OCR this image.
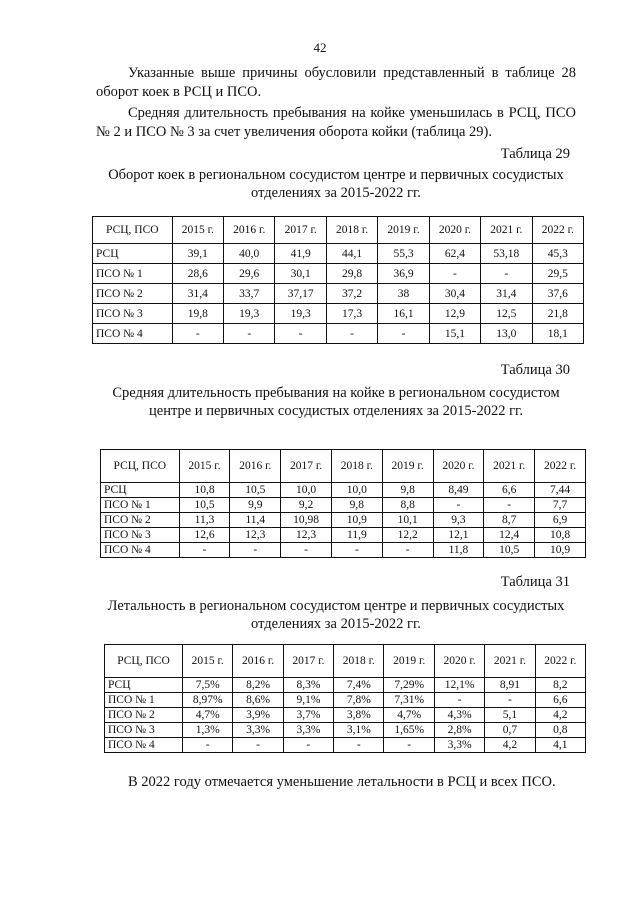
42
Указанные выше причины обусловили представленный в таблице 28 оборот коек в РСЦ и ПСО.
Средняя длительность пребывания на койке уменьшилась в РСЦ, ПСО № 2 и ПСО № 3 за счет увеличения оборота койки (таблица 29).
Таблица 29
Оборот коек в региональном сосудистом центре и первичных сосудистых отделениях за 2015-2022 гг.
РСЦ, ПСО	2015 г.	2016 г.	2017 г.	2018 г.	2019 г.	2020 г.	2021 г.	2022 г.
РСЦ	39,1	40,0	41,9	44,1	55,3	62,4	53,18	45,3
ПСО № 1	28,6	29,6	30,1	29,8	36,9	-	-	29,5
ПСО № 2	31,4	33,7	37,17	37,2	38	30,4	31,4	37,6
ПСО № 3	19,8	19,3	19,3	17,3	16,1	12,9	12,5	21,8
ПСО № 4	-	-	-	-	-	15,1	13,0	18,1
Таблица 30
Средняя длительность пребывания на койке в региональном сосудистом центре и первичных сосудистых отделениях за 2015-2022 гг.
РСЦ, ПСО	2015 г.	2016 г.	2017 г.	2018 г.	2019 г.	2020 г.	2021 г.	2022 г.
РСЦ	10,8	10,5	10,0	10,0	9,8	8,49	6,6	7,44
ПСО № 1	10,5	9,9	9,2	9,8	8,8	-	-	7,7
ПСО № 2	11,3	11,4	10,98	10,9	10,1	9,3	8,7	6,9
ПСО № 3	12,6	12,3	12,3	11,9	12,2	12,1	12,4	10,8
ПСО № 4	-	-	-	-	-	11,8	10,5	10,9
Таблица 31
Летальность в региональном сосудистом центре и первичных сосудистых отделениях за 2015-2022 гг.
РСЦ, ПСО	2015 г.	2016 г.	2017 г.	2018 г.	2019 г.	2020 г.	2021 г.	2022 г.
РСЦ	7,5%	8,2%	8,3%	7,4%	7,29%	12,1%	8,91	8,2
ПСО № 1	8,97%	8,6%	9,1%	7,8%	7,31%	-	-	6,6
ПСО № 2	4,7%	3,9%	3,7%	3,8%	4,7%	4,3%	5,1	4,2
ПСО № 3	1,3%	3,3%	3,3%	3,1%	1,65%	2,8%	0,7	0,8
ПСО № 4	-	-	-	-	-	3,3%	4,2	4,1
В 2022 году отмечается уменьшение летальности в РСЦ и всех ПСО.
